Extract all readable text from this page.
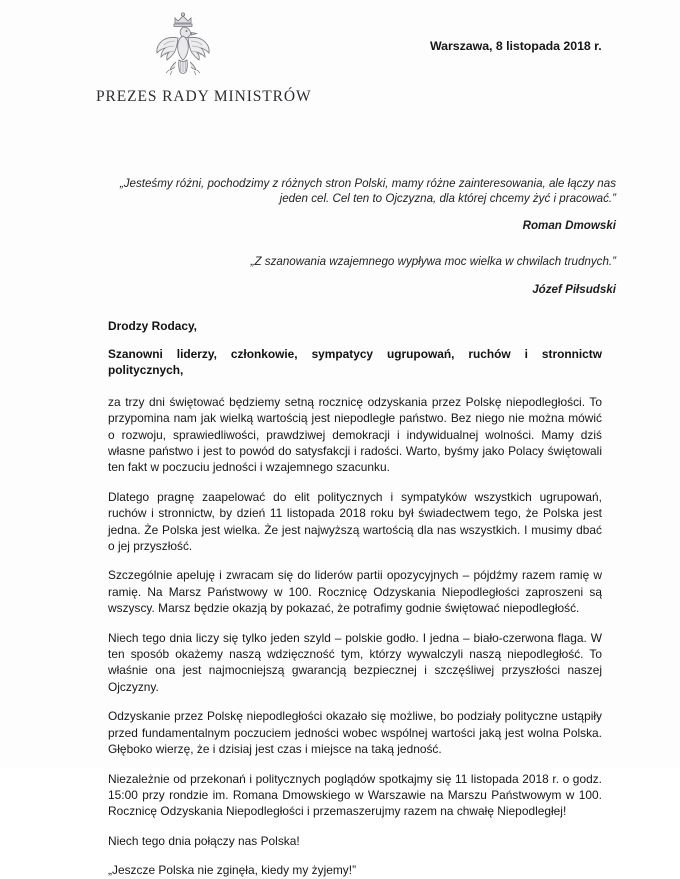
PREZES RADY MINISTRÓW
Warszawa, 8 listopada 2018 r.
„Jesteśmy różni, pochodzimy z różnych stron Polski, mamy różne zainteresowania, ale łączy nas jeden cel. Cel ten to Ojczyzna, dla której chcemy żyć i pracować.”
Roman Dmowski
„Z szanowania wzajemnego wypływa moc wielka w chwilach trudnych.”
Józef Piłsudski
Drodzy Rodacy,
Szanowni liderzy, członkowie, sympatycy ugrupowań, ruchów i stronnictw politycznych,

za trzy dni świętować będziemy setną rocznicę odzyskania przez Polskę niepodległości. To przypomina nam jak wielką wartością jest niepodległe państwo. Bez niego nie można mówić o rozwoju, sprawiedliwości, prawdziwej demokracji i indywidualnej wolności. Mamy dziś własne państwo i jest to powód do satysfakcji i radości. Warto, byśmy jako Polacy świętowali ten fakt w poczuciu jedności i wzajemnego szacunku.

Dlatego pragnę zaapelować do elit politycznych i sympatyków wszystkich ugrupowań, ruchów i stronnictw, by dzień 11 listopada 2018 roku był świadectwem tego, że Polska jest jedna. Że Polska jest wielka. Że jest najwyższą wartością dla nas wszystkich. I musimy dbać o jej przyszłość.

Szczególnie apeluję i zwracam się do liderów partii opozycyjnych – pójdźmy razem ramię w ramię. Na Marsz Państwowy w 100. Rocznicę Odzyskania Niepodległości zaproszeni są wszyscy. Marsz będzie okazją by pokazać, że potrafimy godnie świętować niepodległość.

Niech tego dnia liczy się tylko jeden szyld – polskie godło. I jedna – biało-czerwona flaga. W ten sposób okażemy naszą wdzięczność tym, którzy wywalczyli naszą niepodległość. To właśnie ona jest najmocniejszą gwarancją bezpiecznej i szczęśliwej przyszłości naszej Ojczyzny.

Odzyskanie przez Polskę niepodległości okazało się możliwe, bo podziały polityczne ustąpiły przed fundamentalnym poczuciem jedności wobec wspólnej wartości jaką jest wolna Polska. Głęboko wierzę, że i dzisiaj jest czas i miejsce na taką jedność.

Niezależnie od przekonań i politycznych poglądów spotkajmy się 11 listopada 2018 r. o godz. 15:00 przy rondzie im. Romana Dmowskiego w Warszawie na Marszu Państwowym w 100. Rocznicę Odzyskania Niepodległości i przemaszerujmy razem na chwałę Niepodległej!

Niech tego dnia połączy nas Polska!

„Jeszcze Polska nie zginęła, kiedy my żyjemy!”
